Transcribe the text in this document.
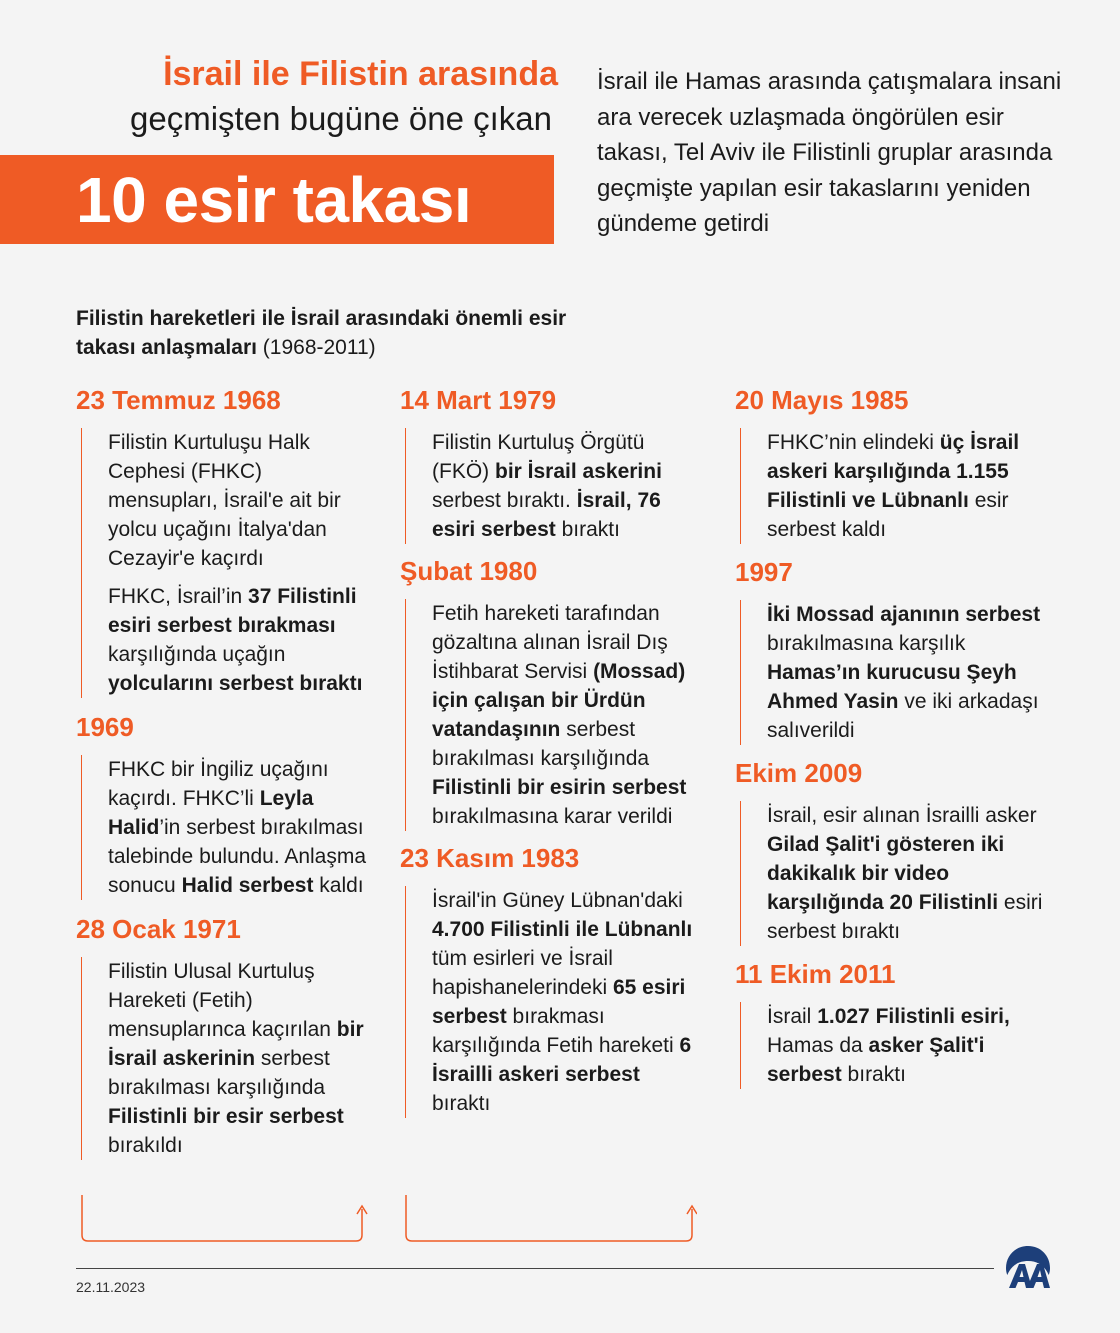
İsrail ile Filistin arasında
geçmişten bugüne öne çıkan
10 esir takası
İsrail ile Hamas arasında çatışmalara insani ara verecek uzlaşmada öngörülen esir takası, Tel Aviv ile Filistinli gruplar arasında geçmişte yapılan esir takaslarını yeniden gündeme getirdi
Filistin hareketleri ile İsrail arasındaki önemli esir takası anlaşmaları (1968-2011)
23 Temmuz 1968

Filistin Kurtuluşu Halk Cephesi (FHKC) mensupları, İsrail'e ait bir yolcu uçağını İtalya'dan Cezayir'e kaçırdı

FHKC, İsrail’in 37 Filistinli esiri serbest bırakması karşılığında uçağın yolcularını serbest bıraktı

1969

FHKC bir İngiliz uçağını kaçırdı. FHKC’li Leyla Halid’in serbest bırakılması talebinde bulundu. Anlaşma sonucu Halid serbest kaldı

28 Ocak 1971

Filistin Ulusal Kurtuluş Hareketi (Fetih) mensuplarınca kaçırılan bir İsrail askerinin serbest bırakılması karşılığında Filistinli bir esir serbest bırakıldı

14 Mart 1979

Filistin Kurtuluş Örgütü (FKÖ) bir İsrail askerini serbest bıraktı. İsrail, 76 esiri serbest bıraktı

Şubat 1980

Fetih hareketi tarafından gözaltına alınan İsrail Dış İstihbarat Servisi (Mossad) için çalışan bir Ürdün vatandaşının serbest bırakılması karşılığında Filistinli bir esirin serbest bırakılmasına karar verildi

23 Kasım 1983

İsrail'in Güney Lübnan'daki 4.700 Filistinli ile Lübnanlı tüm esirleri ve İsrail hapishanelerindeki 65 esiri serbest bırakması karşılığında Fetih hareketi 6 İsrailli askeri serbest bıraktı

20 Mayıs 1985

FHKC’nin elindeki üç İsrail askeri karşılığında 1.155 Filistinli ve Lübnanlı esir serbest kaldı

1997

İki Mossad ajanının serbest bırakılmasına karşılık Hamas’ın kurucusu Şeyh Ahmed Yasin ve iki arkadaşı salıverildi

Ekim 2009

İsrail, esir alınan İsrailli asker Gilad Şalit'i gösteren iki dakikalık bir video karşılığında 20 Filistinli esiri serbest bıraktı

11 Ekim 2011

İsrail 1.027 Filistinli esiri, Hamas da asker Şalit'i serbest bıraktı

22.11.2023
